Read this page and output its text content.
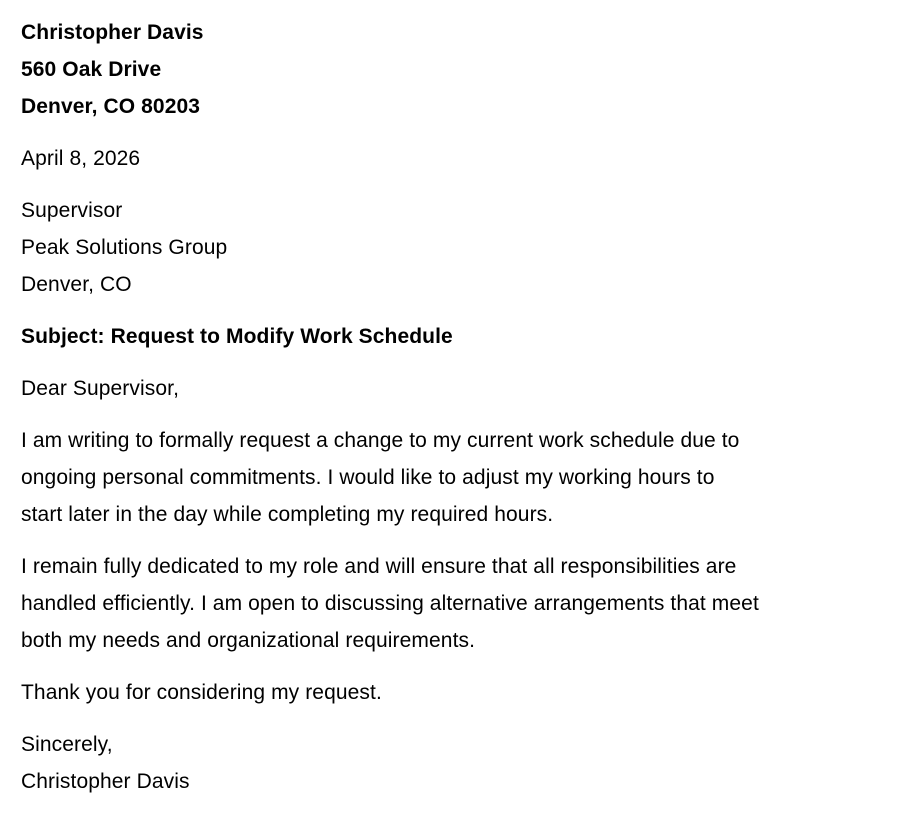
Christopher Davis
560 Oak Drive
Denver, CO 80203
April 8, 2026
Supervisor
Peak Solutions Group
Denver, CO
Subject: Request to Modify Work Schedule
Dear Supervisor,
I am writing to formally request a change to my current work schedule due to
ongoing personal commitments. I would like to adjust my working hours to
start later in the day while completing my required hours.
I remain fully dedicated to my role and will ensure that all responsibilities are
handled efficiently. I am open to discussing alternative arrangements that meet
both my needs and organizational requirements.
Thank you for considering my request.
Sincerely,
Christopher Davis
